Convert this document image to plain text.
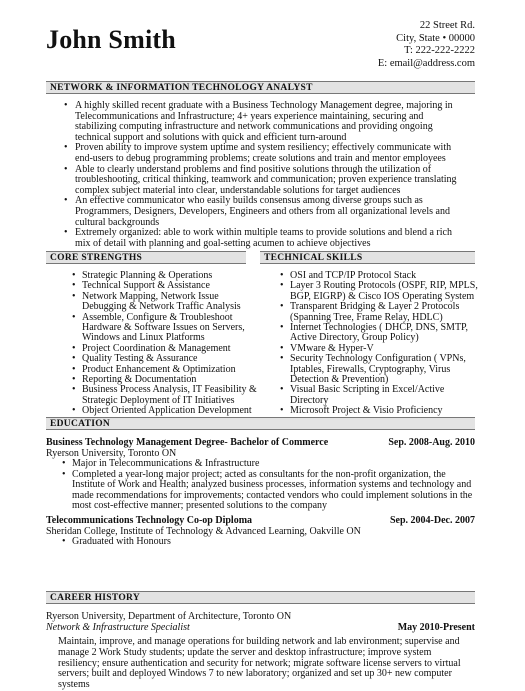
John Smith	22 Street Rd.
City, State • 00000
T: 222-222-2222
E: email@address.com
NETWORK & INFORMATION TECHNOLOGY ANALYST
• A highly skilled recent graduate with a Business Technology Management degree, majoring in Telecommunications and Infrastructure; 4+ years experience maintaining, securing and stabilizing computing infrastructure and network communications and providing ongoing technical support and solutions with quick and efficient turn-around
• Proven ability to improve system uptime and system resiliency; effectively communicate with end-users to debug programming problems; create solutions and train and mentor employees
• Able to clearly understand problems and find positive solutions through the utilization of troubleshooting, critical thinking, teamwork and communication; proven experience translating complex subject material into clear, understandable solutions for target audiences
• An effective communicator who easily builds consensus among diverse groups such as Programmers, Designers, Developers, Engineers and others from all organizational levels and cultural backgrounds
• Extremely organized: able to work within multiple teams to provide solutions and blend a rich mix of detail with planning and goal-setting acumen to achieve objectives
CORE STRENGTHS	TECHNICAL SKILLS
• Strategic Planning & Operations
• Technical Support & Assistance
• Network Mapping, Network Issue Debugging & Network Traffic Analysis
• Assemble, Configure & Troubleshoot Hardware & Software Issues on Servers, Windows and Linux Platforms
• Project Coordination & Management
• Quality Testing & Assurance
• Product Enhancement & Optimization
• Reporting & Documentation
• Business Process Analysis, IT Feasibility & Strategic Deployment of IT Initiatives
• Object Oriented Application Development
• OSI and TCP/IP Protocol Stack
• Layer 3 Routing Protocols (OSPF, RIP, MPLS, BGP, EIGRP) & Cisco IOS Operating System
• Transparent Bridging & Layer 2 Protocols (Spanning Tree, Frame Relay, HDLC)
• Internet Technologies ( DHCP, DNS, SMTP, Active Directory, Group Policy)
• VMware & Hyper-V
• Security Technology Configuration ( VPNs, Iptables, Firewalls, Cryptography, Virus Detection & Prevention)
• Visual Basic Scripting in Excel/Active Directory
• Microsoft Project & Visio Proficiency
EDUCATION
Business Technology Management Degree- Bachelor of Commerce	Sep. 2008-Aug. 2010
Ryerson University, Toronto ON
• Major in Telecommunications & Infrastructure
• Completed a year-long major project; acted as consultants for the non-profit organization, the Institute of Work and Health; analyzed business processes, information systems and technology and made recommendations for improvements; contacted vendors who could implement solutions in the most cost-effective manner; presented solutions to the company
Telecommunications Technology Co-op Diploma	Sep. 2004-Dec. 2007
Sheridan College, Institute of Technology & Advanced Learning, Oakville ON
• Graduated with Honours
CAREER HISTORY
Ryerson University, Department of Architecture, Toronto ON
Network & Infrastructure Specialist	May 2010-Present
Maintain, improve, and manage operations for building network and lab environment; supervise and manage 2 Work Study students; update the server and desktop infrastructure; improve system resiliency; ensure authentication and security for network; migrate software license servers to virtual servers; built and deployed Windows 7 to new laboratory; organized and set up 30+ new computer systems
